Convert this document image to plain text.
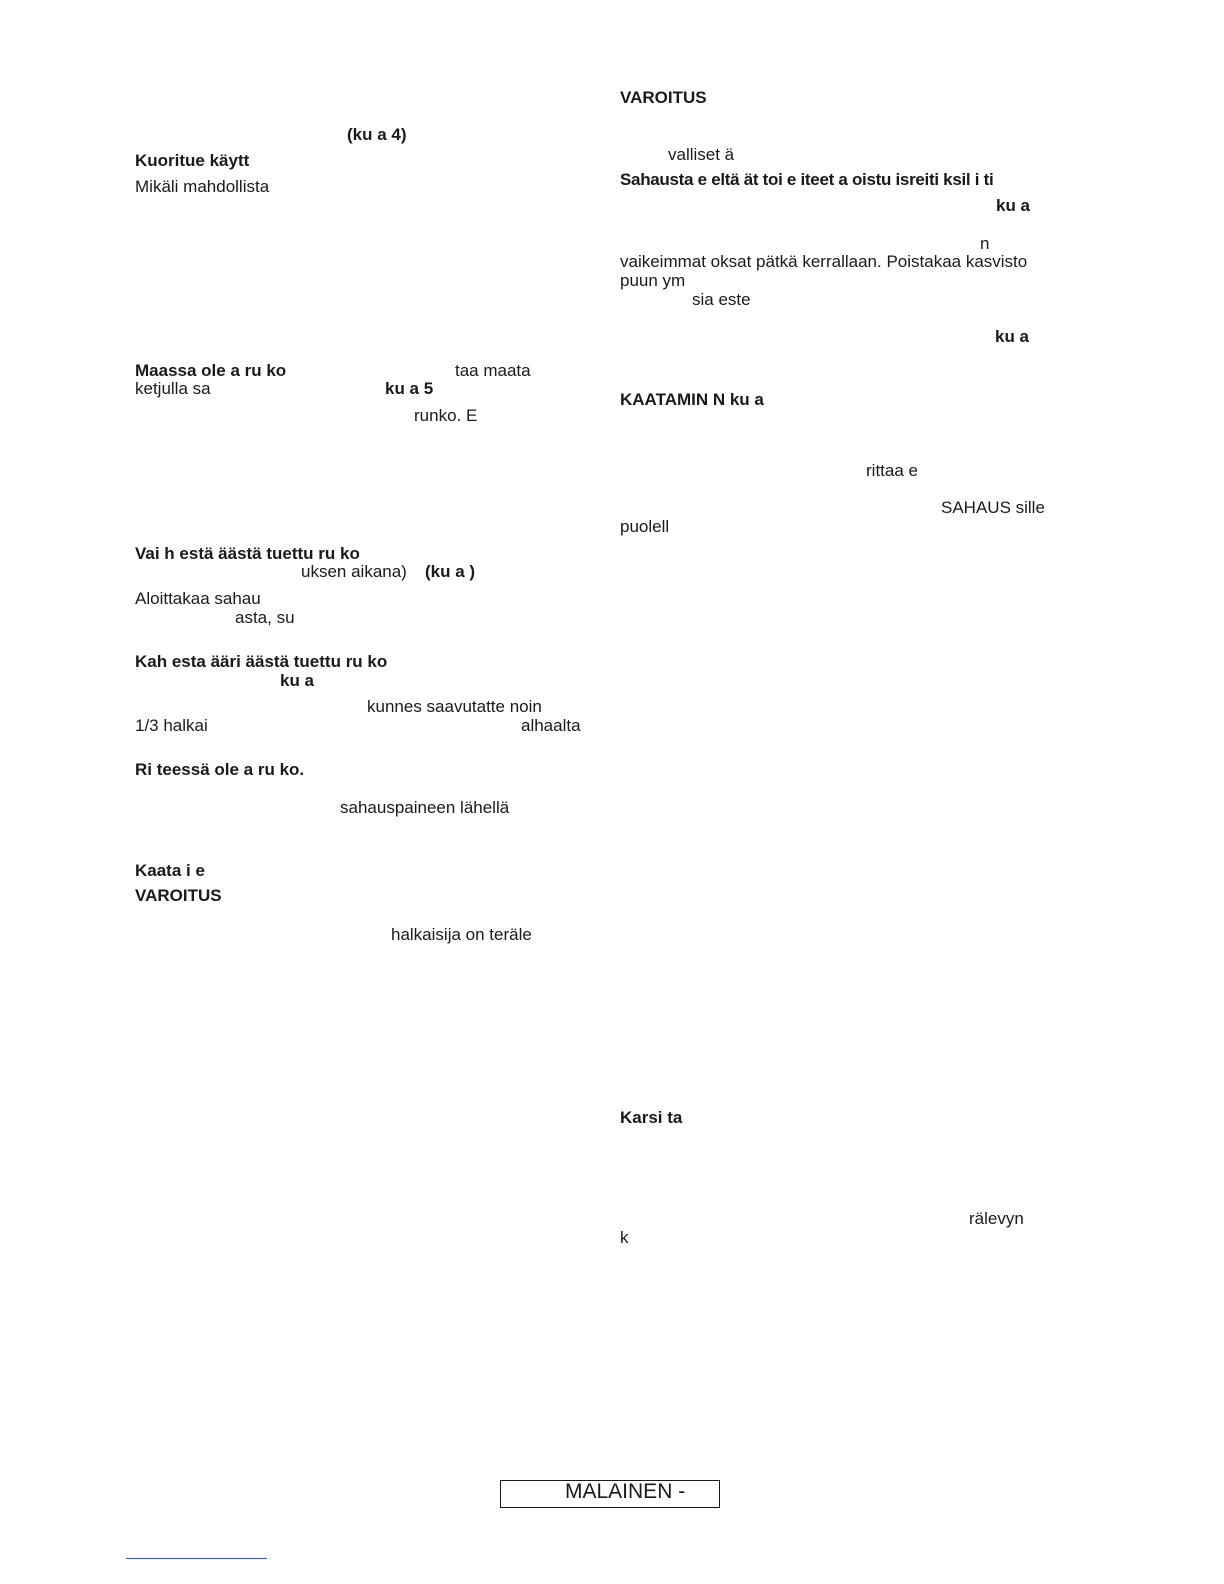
(ku a 4)
Kuoritue käytt
Mikäli mahdollista
Maassa ole a ru ko	taa maata
ketjulla sa	ku a 5
runko. E
Vai h estä äästä tuettu ru ko
uksen aikana) (ku a )
Aloittakaa sahau
asta, su
Kah esta ääri äästä tuettu ru ko
ku a
kunnes saavutatte noin
1/3 halkai	alhaalta
Ri teessä ole a ru ko.
sahauspaineen lähellä
Kaata i e
VAROITUS
halkaisija on teräle
VAROITUS
valliset ä
Sahausta e eltä ät toi e iteet a oistu isreiti ksil i ti
ku a
n
vaikeimmat oksat pätkä kerrallaan. Poistakaa kasvisto
puun ym
sia este
ku a
KAATAMIN N ku a
rittaa e
SAHAUS sille
puolell
Karsi ta
rälevyn
k
MALAINEN -
